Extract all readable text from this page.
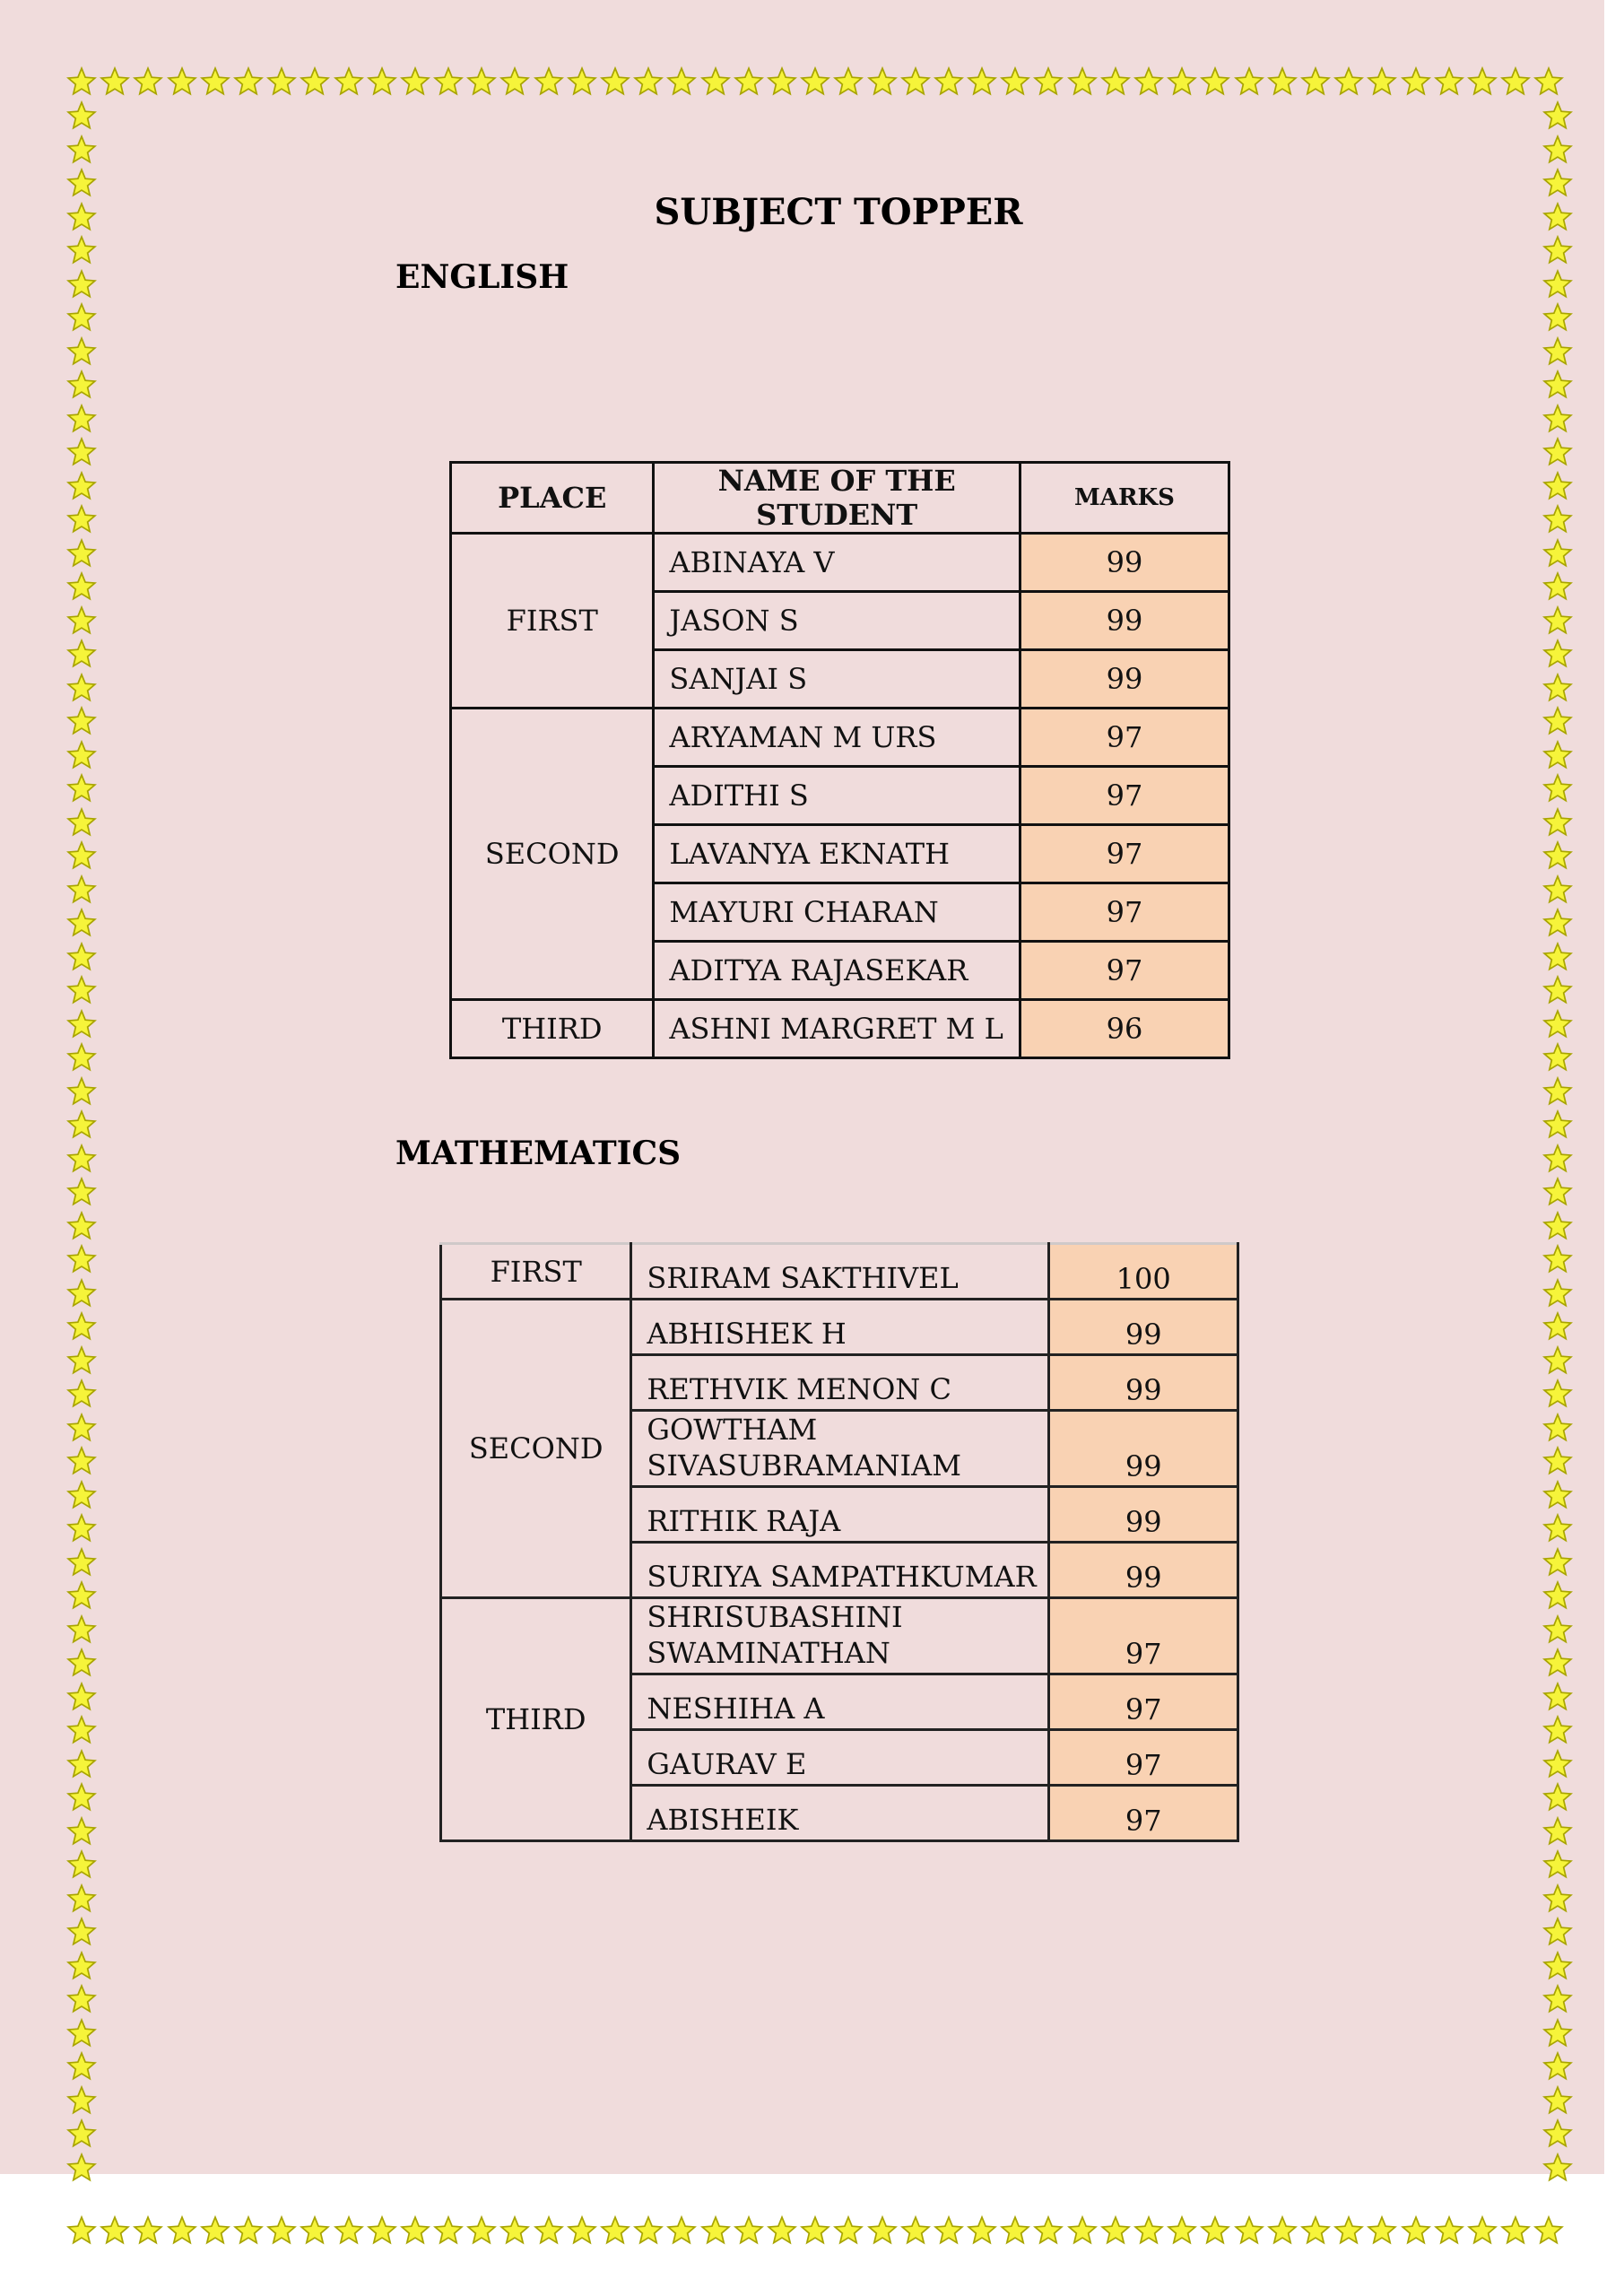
SUBJECT TOPPER
ENGLISH
PLACE	NAME OF THE STUDENT	MARKS
FIRST	ABINAYA V	99
	JASON S	99
	SANJAI S	99
SECOND	ARYAMAN M URS	97
	ADITHI S	97
	LAVANYA EKNATH	97
	MAYURI CHARAN	97
	ADITYA RAJASEKAR	97
THIRD	ASHNI MARGRET M L	96
MATHEMATICS
FIRST	SRIRAM SAKTHIVEL	100
SECOND	ABHISHEK H	99
	RETHVIK MENON C	99
	GOWTHAM SIVASUBRAMANIAM	99
	RITHIK RAJA	99
	SURIYA SAMPATHKUMAR	99
THIRD	SHRISUBASHINI SWAMINATHAN	97
	NESHIHA A	97
	GAURAV E	97
	ABISHEIK	97
